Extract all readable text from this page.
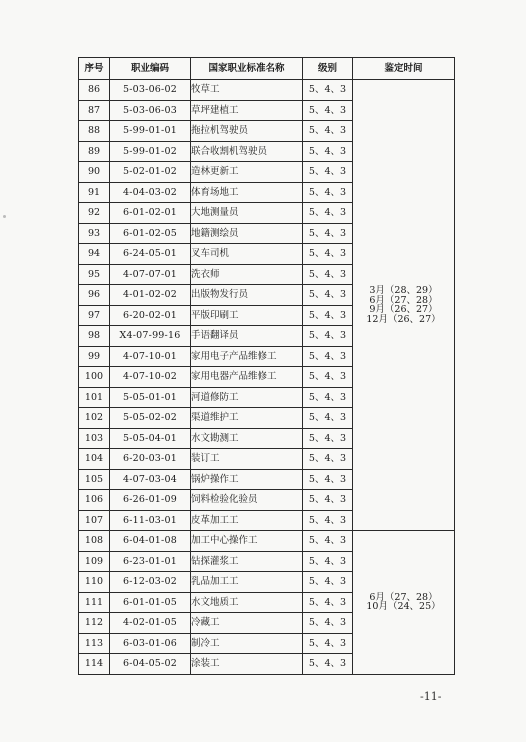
序号	职业编码	国家职业标准名称	级别	鉴定时间
86	5-03-06-02	牧草工	5、4、3	3月（28、29）
6月（27、28）
9月（26、27）
12月（26、27）

87	5-03-06-03	草坪建植工	5、4、3	
88	5-99-01-01	拖拉机驾驶员	5、4、3	
89	5-99-01-02	联合收割机驾驶员	5、4、3	
90	5-02-01-02	造林更新工	5、4、3	
91	4-04-03-02	体育场地工	5、4、3	
92	6-01-02-01	大地测量员	5、4、3	
93	6-01-02-05	地籍测绘员	5、4、3	
94	6-24-05-01	叉车司机	5、4、3	
95	4-07-07-01	洗衣师	5、4、3	
96	4-01-02-02	出版物发行员	5、4、3	
97	6-20-02-01	平版印刷工	5、4、3	
98	X4-07-99-16	手语翻译员	5、4、3	
99	4-07-10-01	家用电子产品维修工	5、4、3	
100	4-07-10-02	家用电器产品维修工	5、4、3	
101	5-05-01-01	河道修防工	5、4、3	
102	5-05-02-02	渠道维护工	5、4、3	
103	5-05-04-01	水文勘测工	5、4、3	
104	6-20-03-01	装订工	5、4、3	
105	4-07-03-04	锅炉操作工	5、4、3	
106	6-26-01-09	饲料检验化验员	5、4、3	
107	6-11-03-01	皮革加工工	5、4、3	
108	6-04-01-08	加工中心操作工	5、4、3	6月（27、28）
10月（24、25）

109	6-23-01-01	钻探灌浆工	5、4、3	
110	6-12-03-02	乳品加工工	5、4、3	
111	6-01-01-05	水文地质工	5、4、3	
112	4-02-01-05	冷藏工	5、4、3	
113	6-03-01-06	制冷工	5、4、3	
114	6-04-05-02	涂装工	5、4、3	
-11-
